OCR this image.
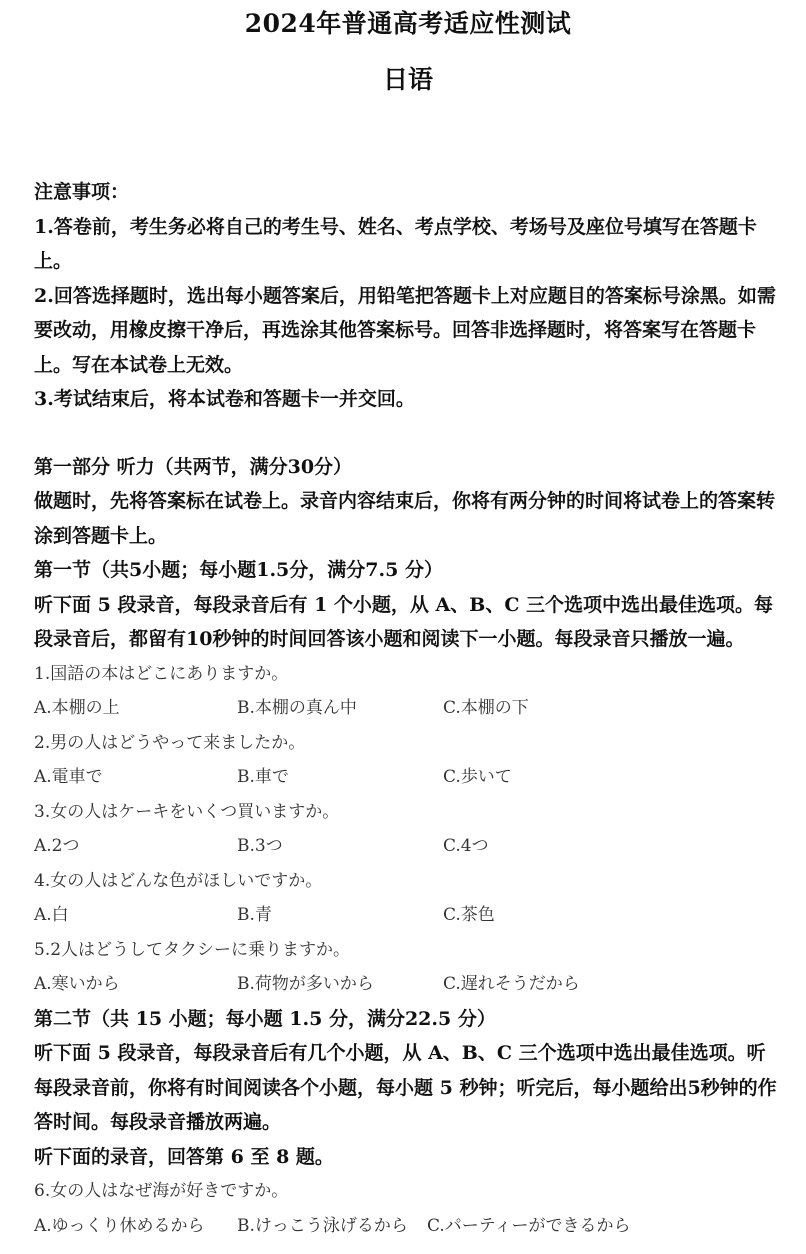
2024年普通高考适应性测试
日语

注意事项：

1.答卷前，考生务必将自己的考生号、姓名、考点学校、考场号及座位号填写在答题卡上。

2.回答选择题时，选出每小题答案后，用铅笔把答题卡上对应题目的答案标号涂黑。如需要改动，用橡皮擦干净后，再选涂其他答案标号。回答非选择题时，将答案写在答题卡上。写在本试卷上无效。

3.考试结束后，将本试卷和答题卡一并交回。

第一部分 听力（共两节，满分30分）

做题时，先将答案标在试卷上。录音内容结束后，你将有两分钟的时间将试卷上的答案转涂到答题卡上。

第一节（共5小题；每小题1.5分，满分7.5 分）

听下面 5 段录音，每段录音后有 1 个小题，从 A、B、C 三个选项中选出最佳选项。每段录音后，都留有10秒钟的时间回答该小题和阅读下一小题。每段录音只播放一遍。

1.国語の本はどこにありますか。

A.本棚の上	B.本棚の真ん中	C.本棚の下

2.男の人はどうやって来ましたか。

A.電車で	B.車で	C.歩いて

3.女の人はケーキをいくつ買いますか。

A.2つ	B.3つ	C.4つ

4.女の人はどんな色がほしいですか。

A.白	B.青	C.茶色

5.2人はどうしてタクシーに乗りますか。

A.寒いから	B.荷物が多いから	C.遅れそうだから

第二节（共 15 小题；每小题 1.5 分，满分22.5 分）

听下面 5 段录音，每段录音后有几个小题，从 A、B、C 三个选项中选出最佳选项。听每段录音前，你将有时间阅读各个小题，每小题 5 秒钟；听完后，每小题给出5秒钟的作答时间。每段录音播放两遍。

听下面的录音，回答第 6 至 8 题。

6.女の人はなぜ海が好きですか。

A.ゆっくり休めるから	B.けっこう泳げるから	C.パーティーができるから
